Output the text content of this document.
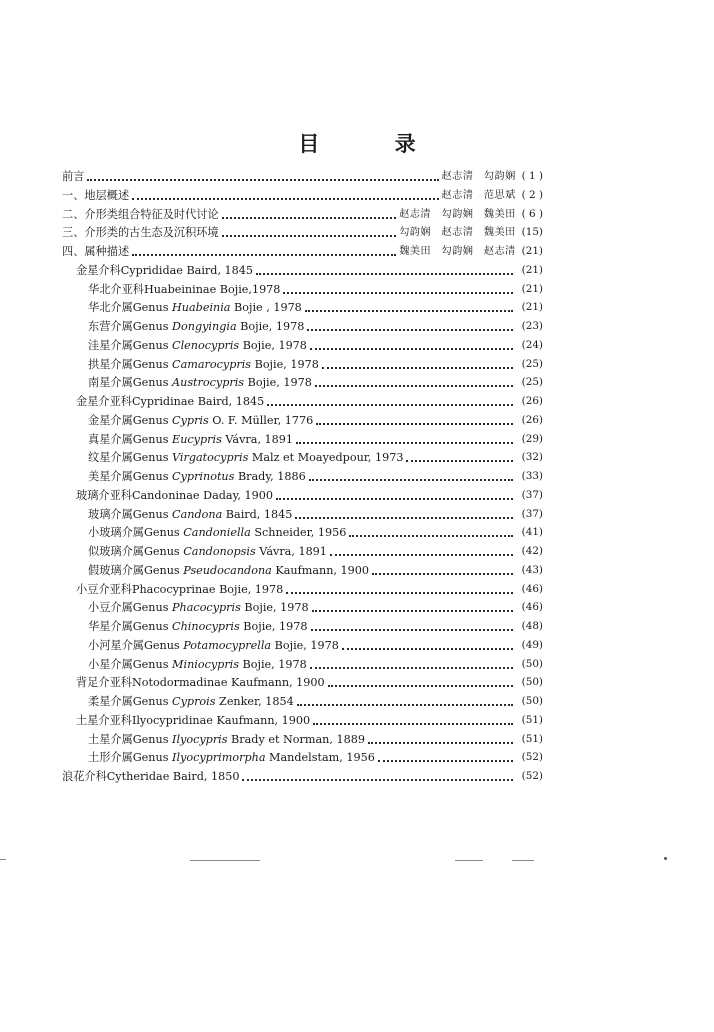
目 录
前言	赵志清　勾韵娴 ( 1 )
一、地层概述	赵志清　范思斌 ( 2 )
二、介形类组合特征及时代讨论	赵志清　勾韵娴　魏美田 ( 6 )
三、介形类的古生态及沉积环境	勾韵娴　赵志清　魏美田 (15)
四、属种描述	魏美田　勾韵娴　赵志清 (21)
金星介科Cyprididae Baird, 1845	(21)
华北介亚科Huabeininae Bojie,1978	(21)
华北介属Genus Huabeinia Bojie , 1978	(21)
东营介属Genus Dongyingia Bojie, 1978	(23)
洼星介属Genus Clenocypris Bojie, 1978	(24)
拱星介属Genus Camarocypris Bojie, 1978	(25)
南星介属Genus Austrocypris Bojie, 1978	(25)
金星介亚科Cypridinae Baird, 1845	(26)
金星介属Genus Cypris O. F. Müller, 1776	(26)
真星介属Genus Eucypris Vávra, 1891	(29)
纹星介属Genus Virgatocypris Malz et Moayedpour, 1973	(32)
美星介属Genus Cyprinotus Brady, 1886	(33)
玻璃介亚科Candoninae Daday, 1900	(37)
玻璃介属Genus Candona Baird, 1845	(37)
小玻璃介属Genus Candoniella Schneider, 1956	(41)
似玻璃介属Genus Candonopsis Vávra, 1891	(42)
假玻璃介属Genus Pseudocandona Kaufmann, 1900	(43)
小豆介亚科Phacocyprinae Bojie, 1978	(46)
小豆介属Genus Phacocypris Bojie, 1978	(46)
华星介属Genus Chinocypris Bojie, 1978	(48)
小河星介属Genus Potamocyprella Bojie, 1978	(49)
小星介属Genus Miniocypris Bojie, 1978	(50)
背足介亚科Notodormadinae Kaufmann, 1900	(50)
柔星介属Genus Cyprois Zenker, 1854	(50)
土星介亚科Ilyocypridinae Kaufmann, 1900	(51)
土星介属Genus Ilyocypris Brady et Norman, 1889	(51)
土形介属Genus Ilyocyprimorpha Mandelstam, 1956	(52)
浪花介科Cytheridae Baird, 1850	(52)
